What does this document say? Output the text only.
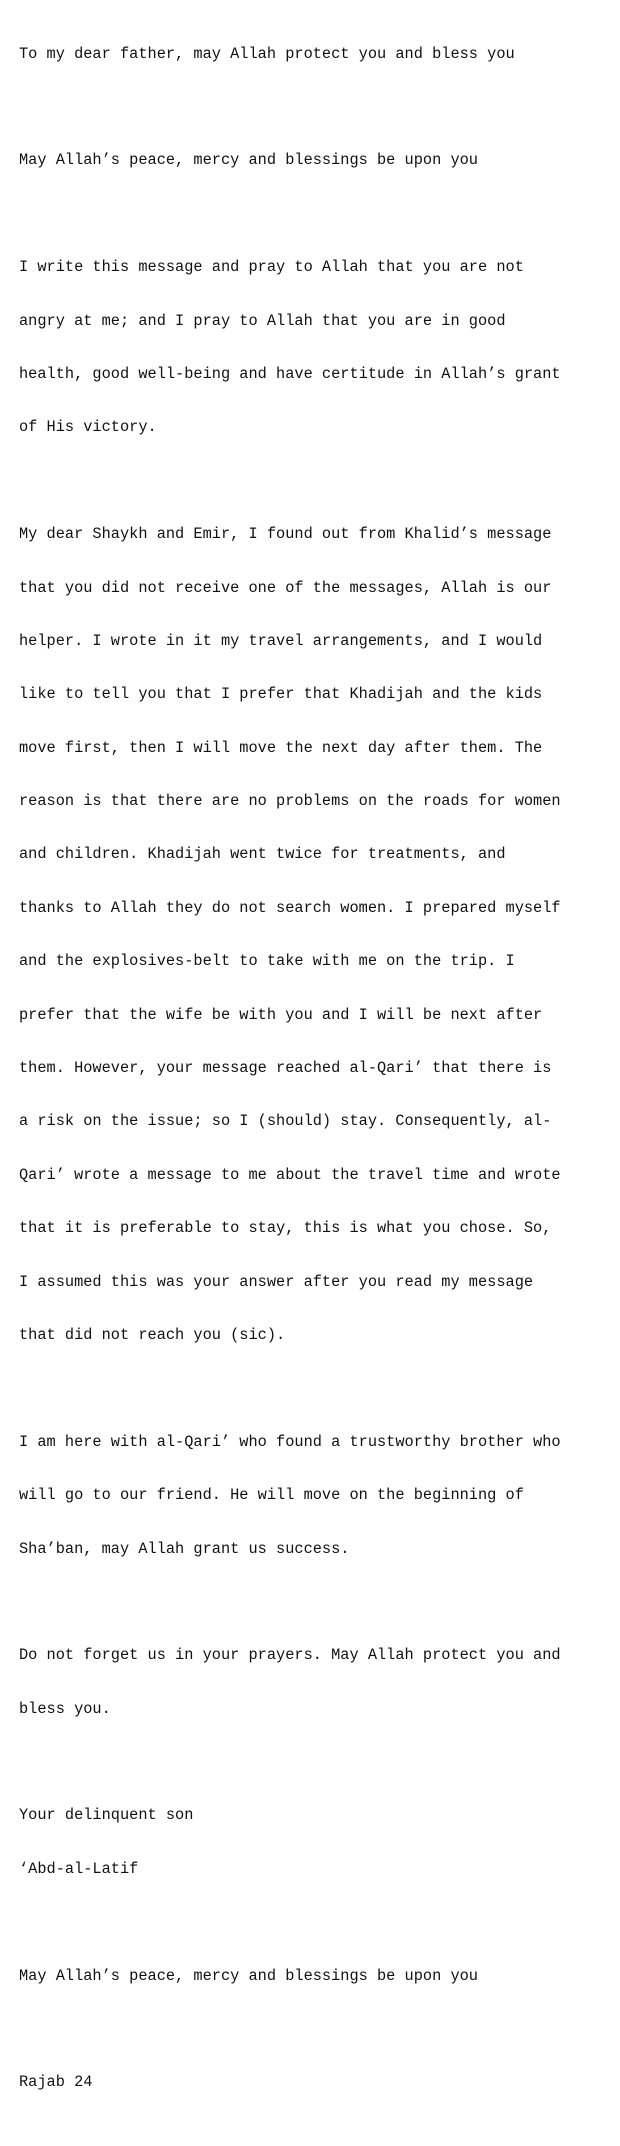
To my dear father, may Allah protect you and bless you

May Allah’s peace, mercy and blessings be upon you

I write this message and pray to Allah that you are not

angry at me; and I pray to Allah that you are in good

health, good well-being and have certitude in Allah’s grant

of His victory.

My dear Shaykh and Emir, I found out from Khalid’s message

that you did not receive one of the messages, Allah is our

helper. I wrote in it my travel arrangements, and I would

like to tell you that I prefer that Khadijah and the kids

move first, then I will move the next day after them. The

reason is that there are no problems on the roads for women

and children. Khadijah went twice for treatments, and

thanks to Allah they do not search women. I prepared myself

and the explosives-belt to take with me on the trip. I

prefer that the wife be with you and I will be next after

them. However, your message reached al-Qari’ that there is

a risk on the issue; so I (should) stay. Consequently, al-

Qari’ wrote a message to me about the travel time and wrote

that it is preferable to stay, this is what you chose. So,

I assumed this was your answer after you read my message

that did not reach you (sic).

I am here with al-Qari’ who found a trustworthy brother who

will go to our friend. He will move on the beginning of

Sha’ban, may Allah grant us success.

Do not forget us in your prayers. May Allah protect you and

bless you.

Your delinquent son

‘Abd-al-Latif

May Allah’s peace, mercy and blessings be upon you

Rajab 24
